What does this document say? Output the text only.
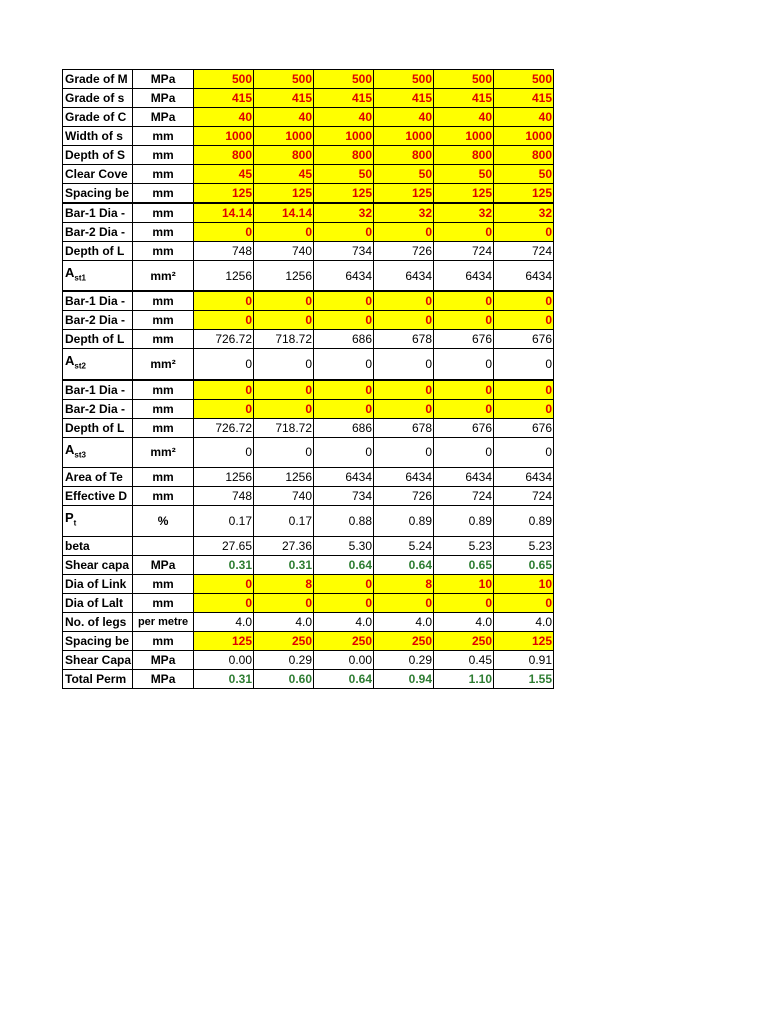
Grade of M	MPa	500	500	500	500	500	500
Grade of s	MPa	415	415	415	415	415	415
Grade of C	MPa	40	40	40	40	40	40
Width of s	mm	1000	1000	1000	1000	1000	1000
Depth of S	mm	800	800	800	800	800	800
Clear Cove	mm	45	45	50	50	50	50
Spacing be	mm	125	125	125	125	125	125
Bar-1 Dia -	mm	14.14	14.14	32	32	32	32
Bar-2 Dia -	mm	0	0	0	0	0	0
Depth of L	mm	748	740	734	726	724	724
$A_{st1}$	mm²	1256	1256	6434	6434	6434	6434
Bar-1 Dia -	mm	0	0	0	0	0	0
Bar-2 Dia -	mm	0	0	0	0	0	0
Depth of L	mm	726.72	718.72	686	678	676	676
$A_{st2}$	mm²	0	0	0	0	0	0
Bar-1 Dia -	mm	0	0	0	0	0	0
Bar-2 Dia -	mm	0	0	0	0	0	0
Depth of L	mm	726.72	718.72	686	678	676	676
$A_{st3}$	mm²	0	0	0	0	0	0
Area of Te	mm	1256	1256	6434	6434	6434	6434
Effective D	mm	748	740	734	726	724	724
$P_t$	%	0.17	0.17	0.88	0.89	0.89	0.89
beta		27.65	27.36	5.30	5.24	5.23	5.23
Shear capa	MPa	0.31	0.31	0.64	0.64	0.65	0.65
Dia of Link	mm	0	8	0	8	10	10
Dia of Lalt	mm	0	0	0	0	0	0
No. of legs	per metre	4.0	4.0	4.0	4.0	4.0	4.0
Spacing be	mm	125	250	250	250	250	125
Shear Capa	MPa	0.00	0.29	0.00	0.29	0.45	0.91
Total Perm	MPa	0.31	0.60	0.64	0.94	1.10	1.55
